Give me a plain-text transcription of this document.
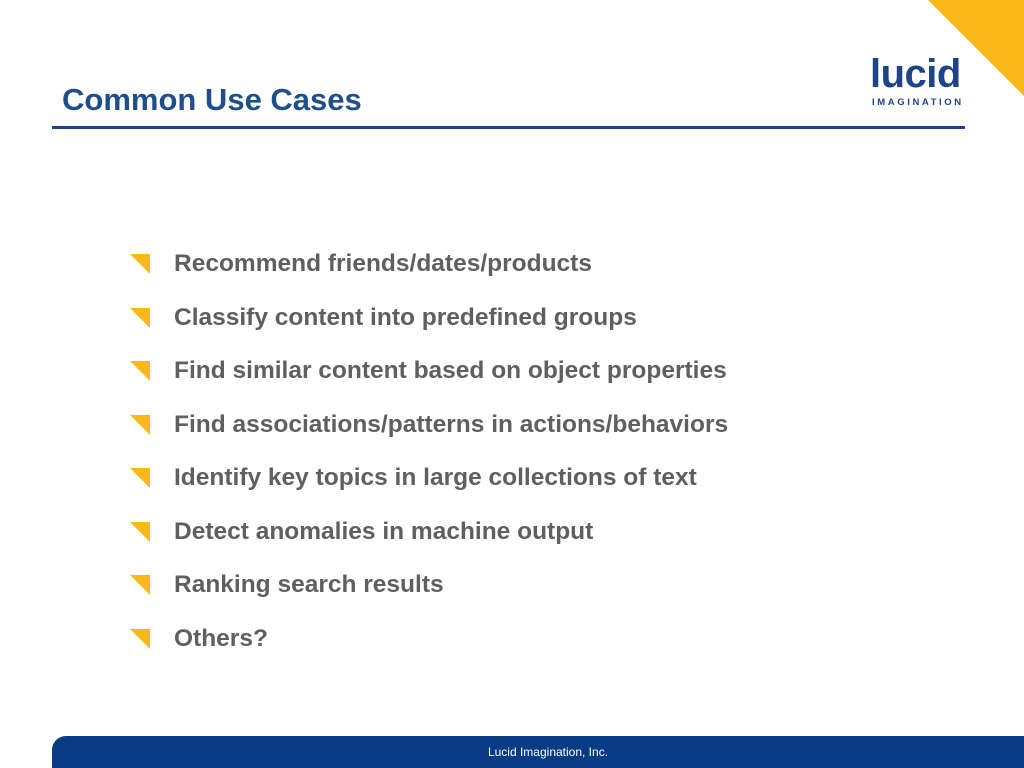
lucid
IMAGINATION
Common Use Cases
Recommend friends/dates/products
Classify content into predefined groups
Find similar content based on object properties
Find associations/patterns in actions/behaviors
Identify key topics in large collections of text
Detect anomalies in machine output
Ranking search results
Others?
Lucid Imagination, Inc.
